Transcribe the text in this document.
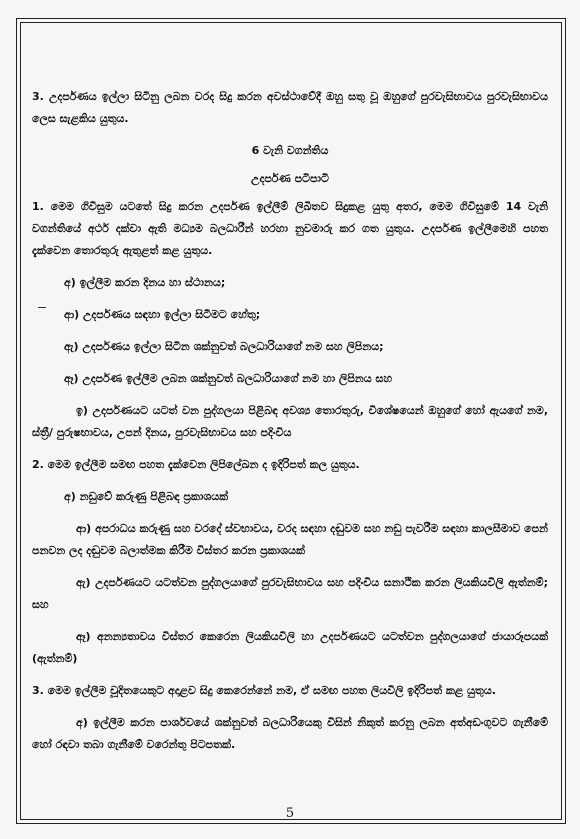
3. උදර්පණය ඉල්ලා සිටිනු ලබන වරද සිදු කරන අවස්ථාවේදී ඔහු සතු වූ ඔහුගේ පුරවැසිභාවය පුරවැසිභාවය ලෙස සැළකිය යුතුය.
6 වැනි වගන්තිය
උදර්පණ පටිපාටි
1. මෙම ගිවිසුම යටතේ සිදු කරන උදර්පණ ඉල්ලීම් ලිඛිතව සිදුකළ යුතු අතර, මෙම ගිවිසුමේ 14 වැනි වගන්තියේ අර්ථ දක්වා ඇති මධ්‍යම බලධාරීන් හරහා නුවමාරු කර ගත යුතුය. උදර්පණ ඉල්ලීමෙහි පහත දැක්වෙන තොරතුරු ඇතුළත් කළ යුතුය.
අ) ඉල්ලීම කරන දිනය හා ස්ථානය;
ආ) උදර්පණය සඳහා ඉල්ලා සිටීමට හේතු;
ඇ) උදර්පණය ඉල්ලා සිටින ශක්නුවත් බලධාරියාගේ නම සහ ලිපිනය;
ඈ) උදර්පණ ඉල්ලීම ලබන ශක්නුවත් බලධාරියාගේ නම හා ලිපිනය සහ
ඉ) උදර්පණයට යටත් වන පුද්ගලයා පිළිබඳ අවශ්‍ය තොරතුරු, විශේෂයෙන් ඔහුගේ හෝ ඇයගේ නම, ස්ත්‍රී/ පුරුෂභාවය, උපන් දිනය, පුරවැසිභාවය සහ පදිංචිය
2. මෙම ඉල්ලීම සමඟ පහත දැක්වෙන ලිපිලේඛන ද ඉදිරිපත් කල යුතුය.
අ) නඩුවේ කරුණු පිළිබඳ ප්‍රකාශයක්
ආ) අපරාධය කරුණු සහ වරදේ ස්වභාවය, වරද සඳහා දඬුවම සහ නඩු පැවරීම සඳහා කාලසීමාව පෙන් පනවන ලද දඬුවම බලාත්මක කිරීම විස්තර කරන ප්‍රකාශයක්
ඇ) උදර්පණයට යටත්වන පුද්ගලයාගේ පුරවැසිභාවය සහ පදිංචිය සනාථික කරන ලියකියවිලි ඇත්නම්; සහ
ඈ) අනන්‍යතාවය විස්තර කෙරෙන ලියකියවිලි හා උදර්පණයට යටත්වන පුද්ගලයාගේ ජායාරූපයක් (ඇත්නම්)
3. මෙම ඉල්ලීම චූදිතයෙකුට අදාළව සිදු කෙරෙන්නේ නම, ඒ සමඟ පහත ලියවිලි ඉදිරිපත් කළ යුතුය.
අ) ඉල්ලීම කරන පාර්ශවයේ ශක්නුවත් බලධාරියෙකු විසින් නිකුත් කරනු ලබන අත්අඩංගුවට ගැනීමේ හෝ රඳවා තබා ගැනීමේ වරෙන්තු පිටපතක්.
5
